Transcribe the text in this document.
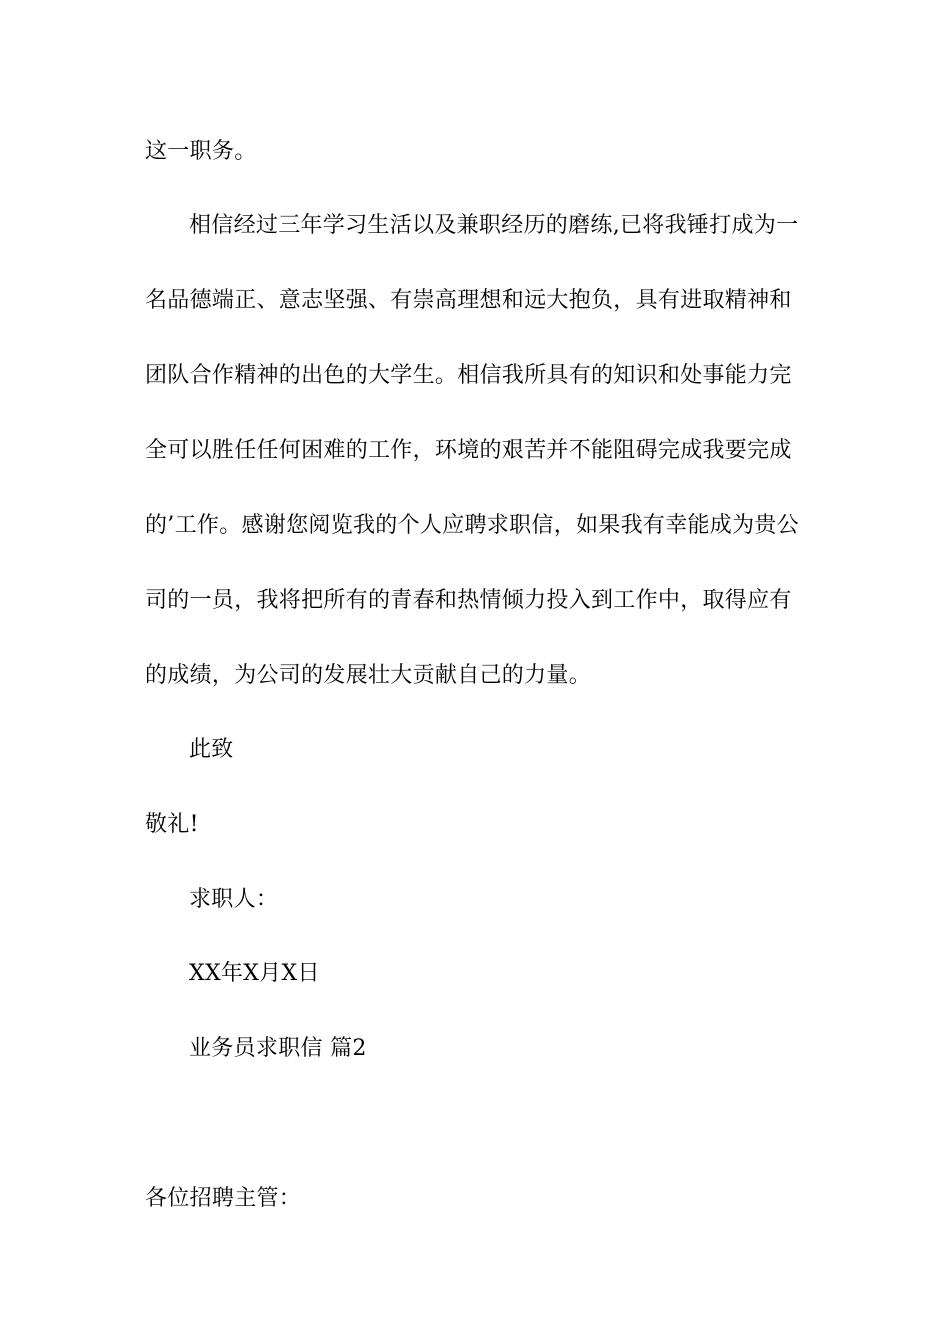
这一职务。
相信经过三年学习生活以及兼职经历的磨练,已将我锤打成为一
名品德端正、意志坚强、有崇高理想和远大抱负，具有进取精神和
团队合作精神的出色的大学生。相信我所具有的知识和处事能力完
全可以胜任任何困难的工作，环境的艰苦并不能阻碍完成我要完成
的’工作。感谢您阅览我的个人应聘求职信，如果我有幸能成为贵公
司的一员，我将把所有的青春和热情倾力投入到工作中，取得应有
的成绩，为公司的发展壮大贡献自己的力量。
此致
敬礼!
求职人：
XX年X月X日
业务员求职信 篇2
各位招聘主管：
